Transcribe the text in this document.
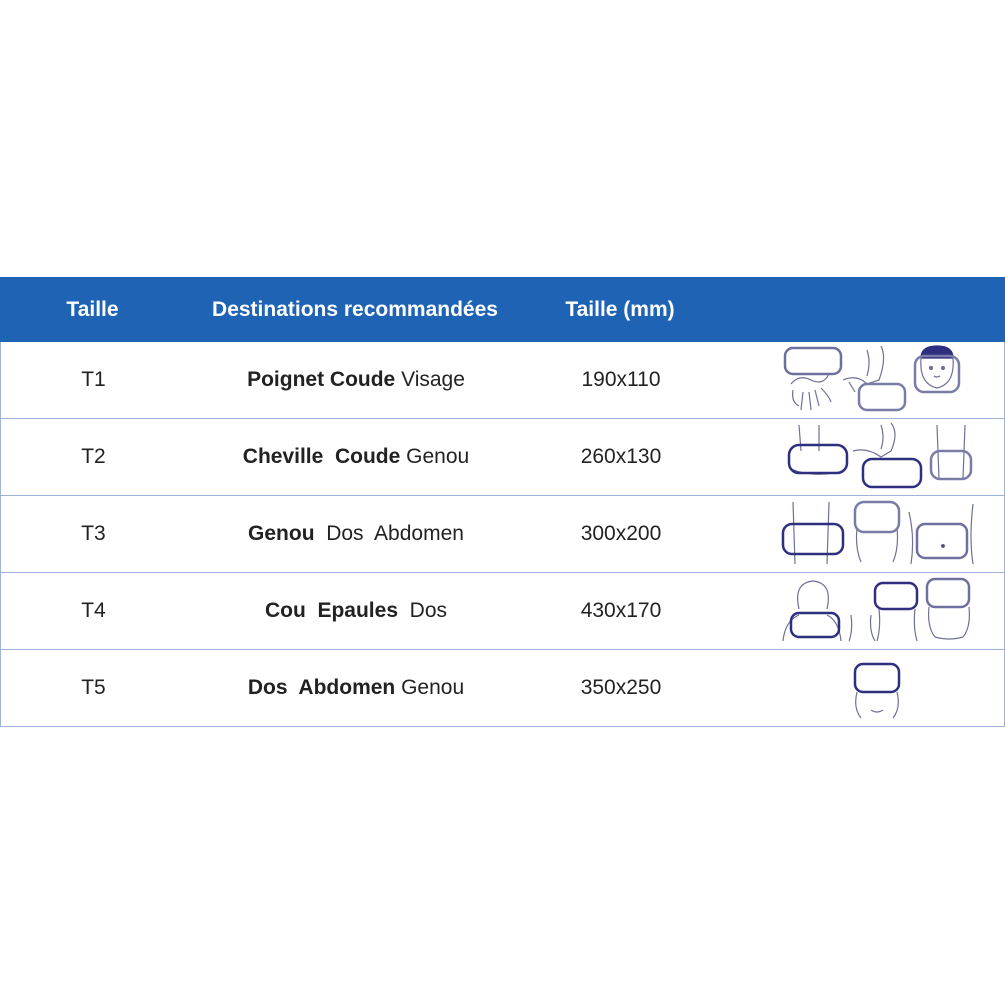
Taille	Destinations recommandées	Taille (mm)
T1	Poignet Coude Visage	190x110
T2	Cheville  Coude Genou	260x130
T3	Genou  Dos  Abdomen	300x200
T4	Cou  Epaules  Dos	430x170
T5	Dos  Abdomen Genou	350x250
